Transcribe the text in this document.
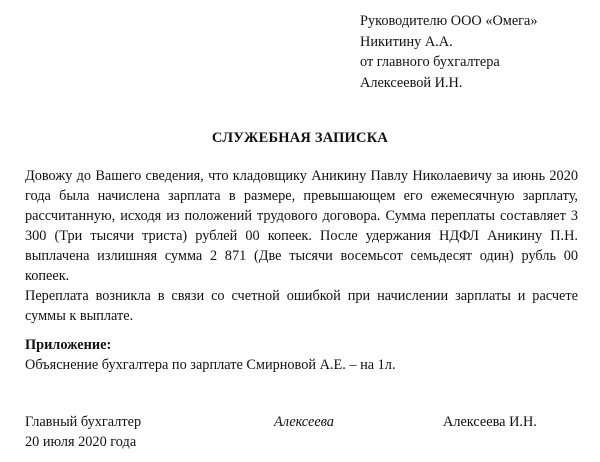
Руководителю ООО «Омега»
Никитину А.А.
от главного бухгалтера
Алексеевой И.Н.
СЛУЖЕБНАЯ ЗАПИСКА

Довожу до Вашего сведения, что кладовщику Аникину Павлу Николаевичу за июнь 2020 года была начислена зарплата в размере, превышающем его ежемесячную зарплату, рассчитанную, исходя из положений трудового договора. Сумма переплаты составляет 3 300 (Три тысячи триста) рублей 00 копеек. После удержания НДФЛ Аникину П.Н. выплачена излишняя сумма 2 871 (Две тысячи восемьсот семьдесят один) рубль 00 копеек.

Переплата возникла в связи со счетной ошибкой при начислении зарплаты и расчете суммы к выплате.

Приложение:
Объяснение бухгалтера по зарплате Смирновой А.Е. – на 1л.
Главный бухгалтер	Алексеева	Алексеева И.Н.
20 июля 2020 года
